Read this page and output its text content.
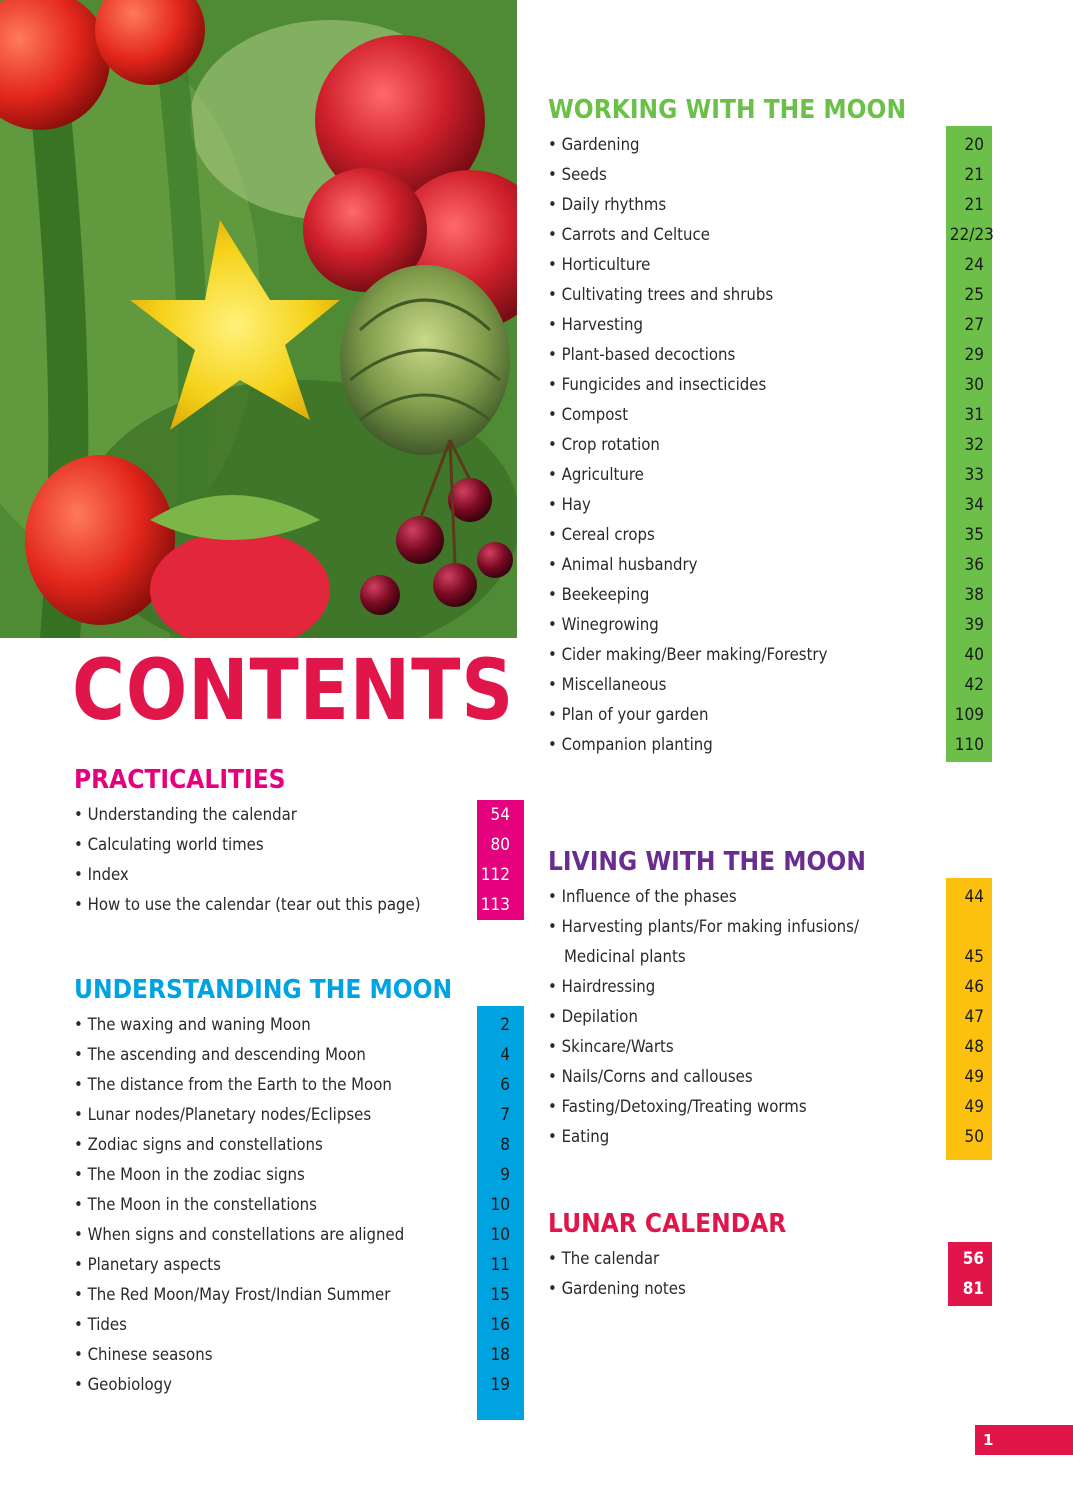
CONTENTS
PRACTICALITIES
• Understanding the calendar	54
• Calculating world times	80
• Index	112
• How to use the calendar (tear out this page)	113
UNDERSTANDING THE MOON
• The waxing and waning Moon	2
• The ascending and descending Moon	4
• The distance from the Earth to the Moon	6
• Lunar nodes/Planetary nodes/Eclipses	7
• Zodiac signs and constellations	8
• The Moon in the zodiac signs	9
• The Moon in the constellations	10
• When signs and constellations are aligned	10
• Planetary aspects	11
• The Red Moon/May Frost/Indian Summer	15
• Tides	16
• Chinese seasons	18
• Geobiology	19
WORKING WITH THE MOON
• Gardening	20
• Seeds	21
• Daily rhythms	21
• Carrots and Celtuce	22/23
• Horticulture	24
• Cultivating trees and shrubs	25
• Harvesting	27
• Plant-based decoctions	29
• Fungicides and insecticides	30
• Compost	31
• Crop rotation	32
• Agriculture	33
• Hay	34
• Cereal crops	35
• Animal husbandry	36
• Beekeeping	38
• Winegrowing	39
• Cider making/Beer making/Forestry	40
• Miscellaneous	42
• Plan of your garden	109
• Companion planting	110
LIVING WITH THE MOON
• Influence of the phases	44
• Harvesting plants/For making infusions/
Medicinal plants	45
• Hairdressing	46
• Depilation	47
• Skincare/Warts	48
• Nails/Corns and callouses	49
• Fasting/Detoxing/Treating worms	49
• Eating	50
LUNAR CALENDAR
• The calendar	56
• Gardening notes	81
1
